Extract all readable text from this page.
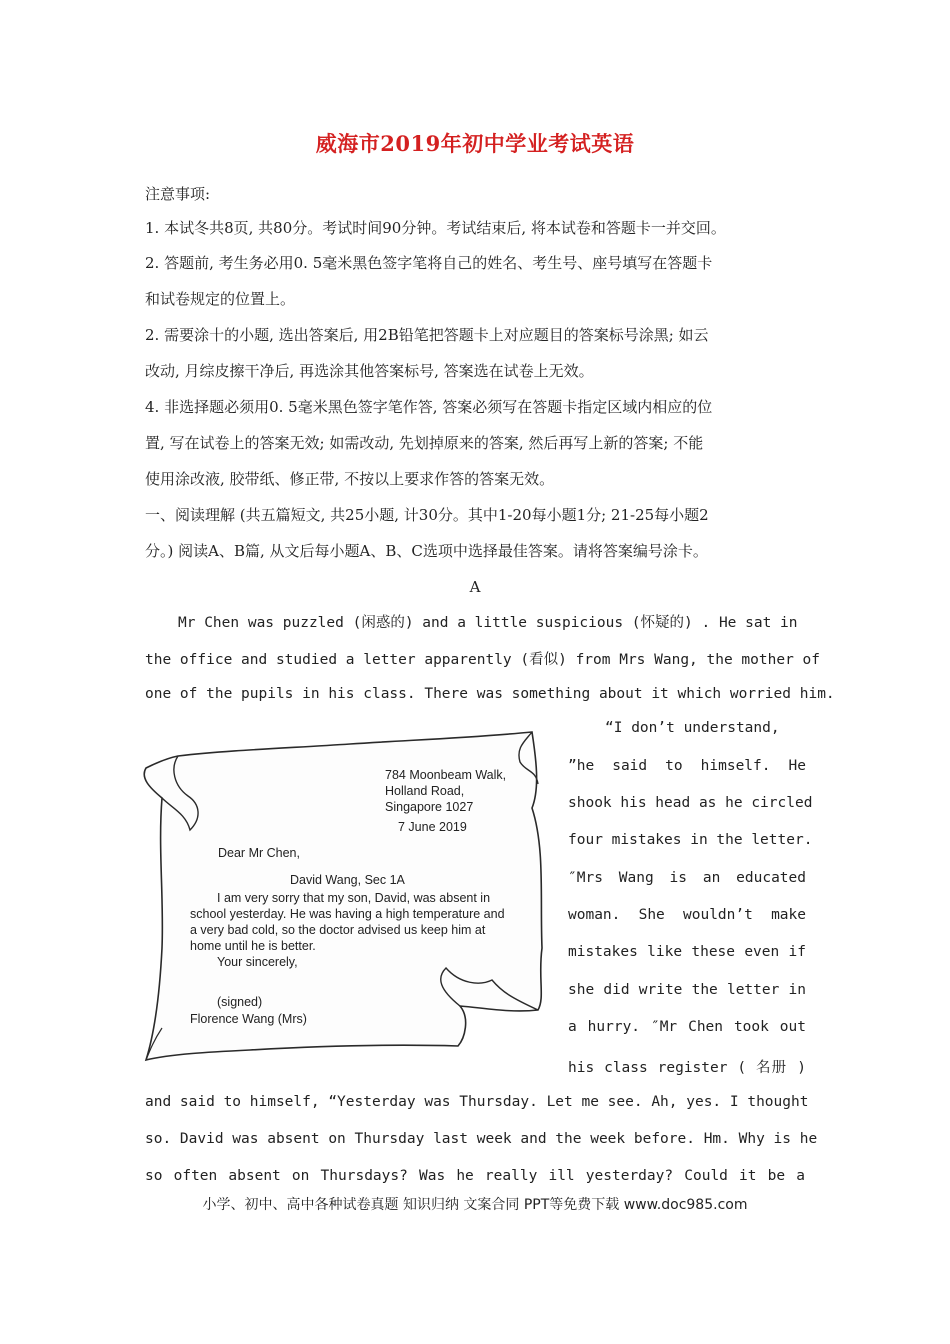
威海市2019年初中学业考试英语
注意事项:
1. 本试冬共8页, 共80分。考试时间90分钟。考试结束后, 将本试卷和答题卡一并交回。
2. 答题前, 考生务必用0. 5毫米黑色签字笔将自己的姓名、考生号、座号填写在答题卡
和试卷规定的位置上。
2. 需要涂十的小题, 选出答案后, 用2B铅笔把答题卡上对应题目的答案标号涂黑; 如云
改动, 月综皮擦干净后, 再选涂其他答案标号, 答案选在试卷上无效。
4. 非选择题必须用0. 5毫米黑色签字笔作答, 答案必须写在答题卡指定区域内相应的位
置, 写在试卷上的答案无效; 如需改动, 先划掉原来的答案, 然后再写上新的答案; 不能
使用涂改液, 胶带纸、修正带, 不按以上要求作答的答案无效。
一、阅读理解 (共五篇短文, 共25小题, 计30分。其中1-20每小题1分; 21-25每小题2
分。) 阅读A、B篇, 从文后每小题A、B、C选项中选择最佳答案。请将答案编号涂卡。
A
Mr Chen was puzzled (闲惑的) and a little suspicious (怀疑的) . He sat in
the office and studied a letter apparently (看似) from Mrs Wang, the mother of
one of the pupils in his class. There was something about it which worried him.
“I don’t understand,
”he said to himself. He
shook his head as he circled
four mistakes in the letter.
″Mrs Wang is an educated
woman. She wouldn’t make
mistakes like these even if
she did write the letter in
a hurry. ″Mr Chen took out
his class register ( 名册 )
784 Moonbeam Walk,
Holland Road,
Singapore 1027
7 June 2019
Dear Mr Chen,
David Wang, Sec 1A
I am very sorry that my son, David, was absent in
school yesterday. He was having a high temperature and
a very bad cold, so the doctor advised us keep him at
home until he is better.
Your sincerely,
(signed)
Florence Wang (Mrs)
and said to himself, “Yesterday was Thursday. Let me see. Ah, yes. I thought
so. David was absent on Thursday last week and the week before. Hm. Why is he
so often absent on Thursdays? Was he really ill yesterday? Could it be a
小学、初中、高中各种试卷真题 知识归纳 文案合同 PPT等免费下载 www.doc985.com
